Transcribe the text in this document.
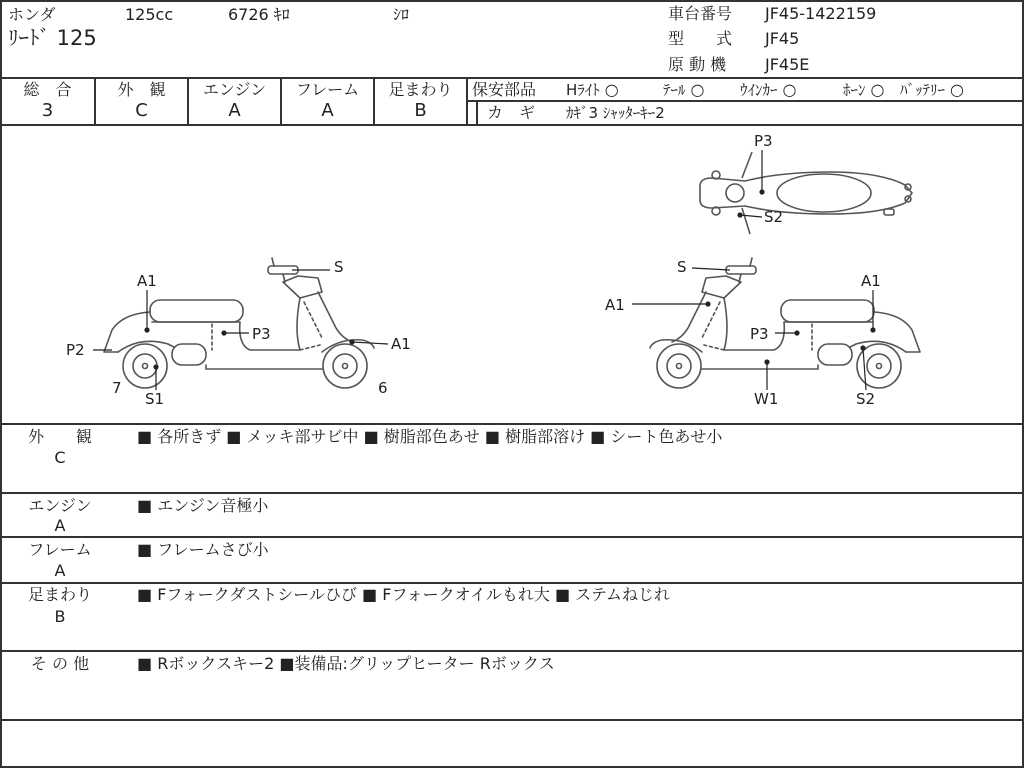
ホンダ	125cc	6726 ｷﾛ	ｼﾛ
ﾘｰﾄﾞ 125
車台番号 JF45-1422159
型　　式 JF45
原 動 機 JF45E
総　合
3
外　観
C
エンジン
A
フレーム
A
足まわり
B
保安部品 Hﾗｲﾄ ○	ﾃｰﾙ ○ ｳｲﾝｶｰ ○	ﾎｰﾝ ○ ﾊﾞｯﾃﾘｰ ○
カ　ギ ｶｷﾞ3 ｼｬｯﾀｰｷｰ2
P3
S2
S
A1
P3
A1
P2
7
S1
6
S
A1
A1
P3
W1	S2
外　　観
C
■ 各所きず ■ メッキ部サビ中 ■ 樹脂部色あせ ■ 樹脂部溶け ■ シート色あせ小
エンジン
A
■ エンジン音極小
フレーム
A
■ フレームさび小
足まわり
B
■ Fフォークダストシールひび ■ Fフォークオイルもれ大 ■ ステムねじれ
そ の 他	■ Rボックスキー2 ■装備品:グリップヒーター Rボックス
